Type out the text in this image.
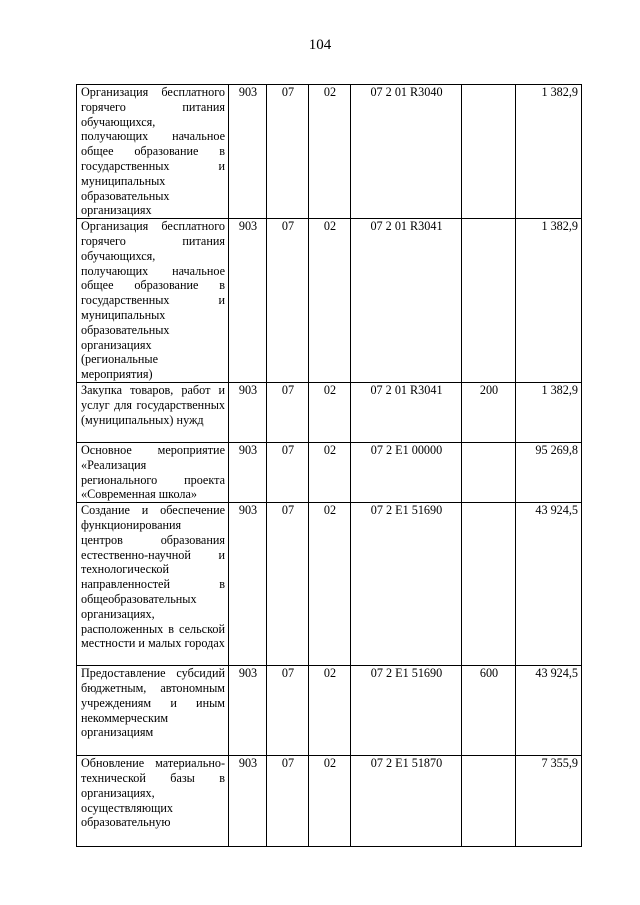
104
Организация бесплатного горячего питания обучающихся, получающих начальное общее образование в государственных и муниципальных образовательных организациях	903	07	02	07 2 01 R3040		1 382,9
Организация бесплатного горячего питания обучающихся, получающих начальное общее образование в государственных и муниципальных образовательных организациях (региональные мероприятия)	903	07	02	07 2 01 R3041		1 382,9
Закупка товаров, работ и услуг для государственных (муниципальных) нужд	903	07	02	07 2 01 R3041	200	1 382,9
Основное мероприятие «Реализация регионального проекта «Современная школа»	903	07	02	07 2 E1 00000		95 269,8
Создание и обеспечение функционирования центров образования естественно-научной и технологической направленностей в общеобразовательных организациях, расположенных в сельской местности и малых городах	903	07	02	07 2 E1 51690		43 924,5
Предоставление субсидий бюджетным, автономным учреждениям и иным некоммерческим организациям	903	07	02	07 2 E1 51690	600	43 924,5
Обновление материально-технической базы в организациях, осуществляющих образовательную	903	07	02	07 2 E1 51870		7 355,9
